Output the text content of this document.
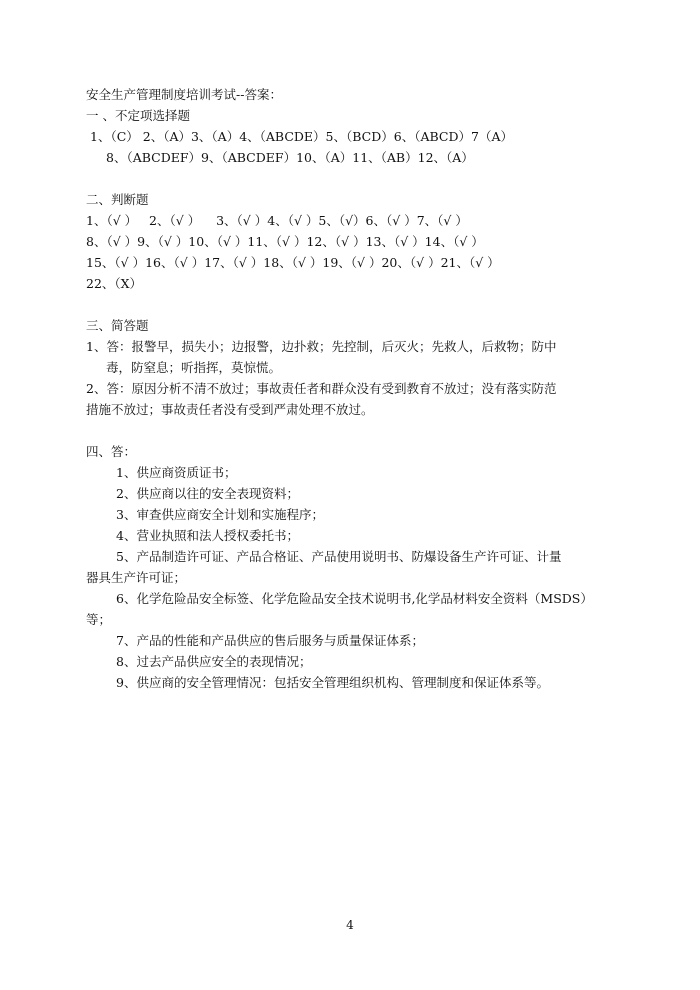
安全生产管理制度培训考试--答案：
一 、不定项选择题
1、（C） 2、（A）3、（A）4、（ABCDE）5、（BCD）6、（ABCD）7（A）
8、（ABCDEF）9、（ABCDEF）10、（A）11、（AB）12、（A）
二、判断题
1、（√ ）   2、（√ ）    3、（√ ）4、（√ ）5、（√）6、（√ ）7、（√ ）
8、（√ ）9、（√ ）10、（√ ）11、（√ ）12、（√ ）13、（√ ）14、（√ ）
15、（√ ）16、（√ ）17、（√ ）18、（√ ）19、（√ ）20、（√ ）21、（√ ）
22、（X）
三、简答题
1、答：报警早，损失小；边报警，边扑救；先控制，后灭火；先救人，后救物；防中
毒，防窒息；听指挥，莫惊慌。
2、答：原因分析不清不放过；事故责任者和群众没有受到教育不放过；没有落实防范
措施不放过；事故责任者没有受到严肃处理不放过。
四、答：
1、供应商资质证书；
2、供应商以往的安全表现资料；
3、审查供应商安全计划和实施程序；
4、营业执照和法人授权委托书；
5、产品制造许可证、产品合格证、产品使用说明书、防爆设备生产许可证、计量
器具生产许可证；
6、化学危险品安全标签、化学危险品安全技术说明书,化学品材料安全资料（MSDS）
等；
7、产品的性能和产品供应的售后服务与质量保证体系；
8、过去产品供应安全的表现情况；
9、供应商的安全管理情况：包括安全管理组织机构、管理制度和保证体系等。
4
